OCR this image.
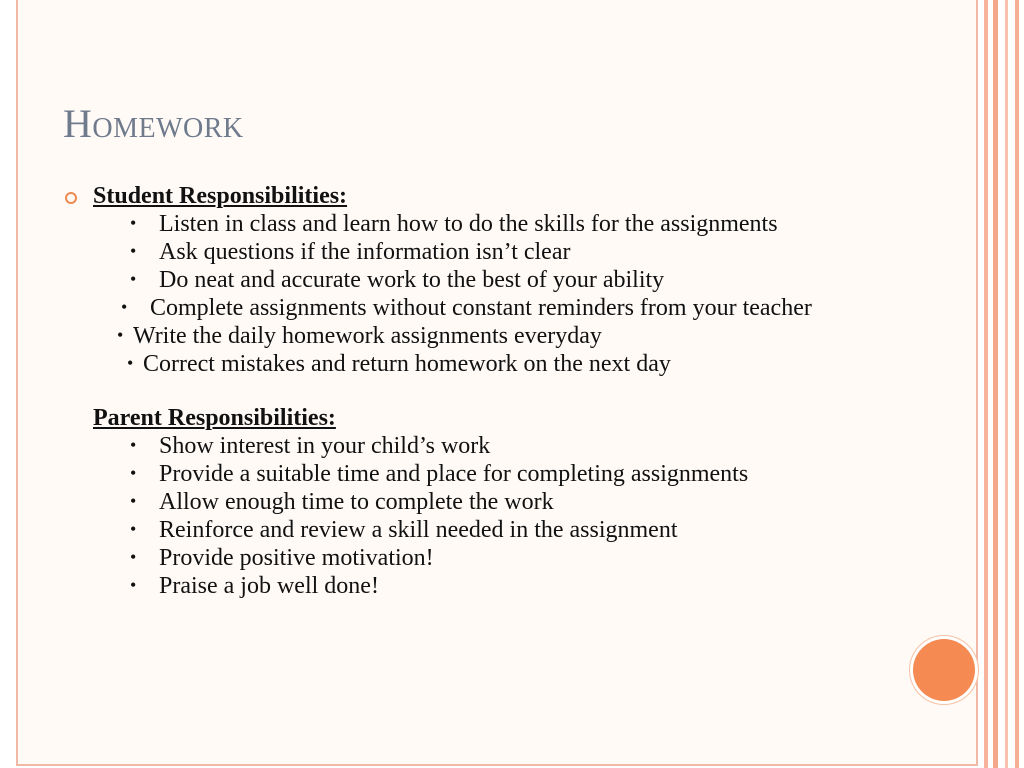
Homework
Student Responsibilities:
• Listen in class and learn how to do the skills for the assignments
• Ask questions if the information isn’t clear
• Do neat and accurate work to the best of your ability
• Complete assignments without constant reminders from your teacher
• Write the daily homework assignments everyday
• Correct mistakes and return homework on the next day
Parent Responsibilities:
• Show interest in your child’s work
• Provide a suitable time and place for completing assignments
• Allow enough time to complete the work
• Reinforce and review a skill needed in the assignment
• Provide positive motivation!
• Praise a job well done!
